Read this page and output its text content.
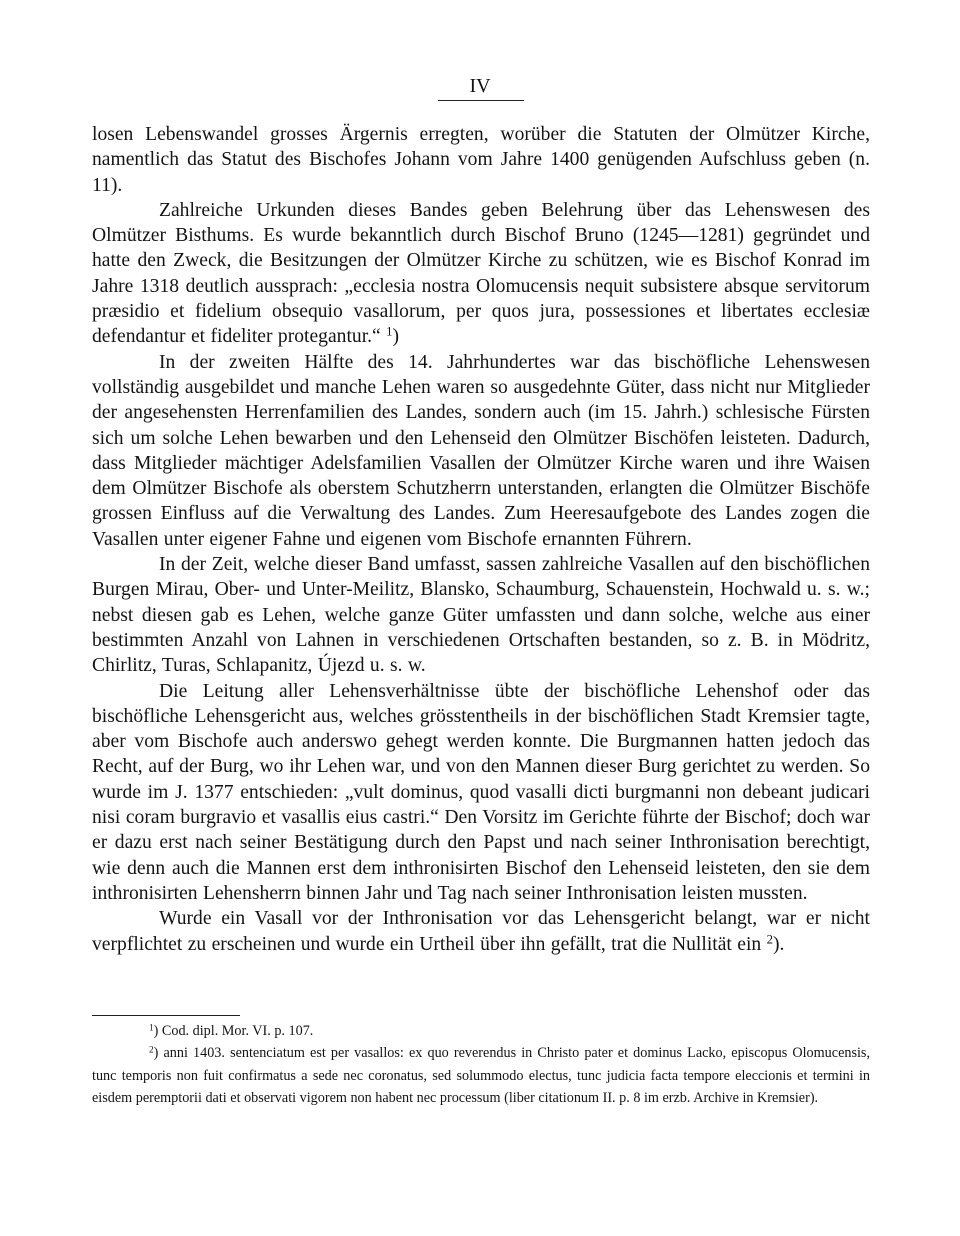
IV

losen Lebenswandel grosses Ärgernis erregten, worüber die Statuten der Olmützer Kirche, namentlich das Statut des Bischofes Johann vom Jahre 1400 genügenden Aufschluss geben (n. 11).

Zahlreiche Urkunden dieses Bandes geben Belehrung über das Lehenswesen des Olmützer Bisthums. Es wurde bekanntlich durch Bischof Bruno (1245—1281) gegründet und hatte den Zweck, die Besitzungen der Olmützer Kirche zu schützen, wie es Bischof Konrad im Jahre 1318 deutlich aussprach: „ecclesia nostra Olomucensis nequit subsistere absque servitorum præsidio et fidelium obsequio vasallorum, per quos jura, possessiones et libertates ecclesiæ defendantur et fideliter protegantur.“ $^1$)

In der zweiten Hälfte des 14. Jahrhundertes war das bischöfliche Lehenswesen vollständig ausgebildet und manche Lehen waren so ausgedehnte Güter, dass nicht nur Mitglieder der angesehensten Herrenfamilien des Landes, sondern auch (im 15. Jahrh.) schlesische Fürsten sich um solche Lehen bewarben und den Lehenseid den Olmützer Bischöfen leisteten. Dadurch, dass Mitglieder mächtiger Adelsfamilien Vasallen der Olmützer Kirche waren und ihre Waisen dem Olmützer Bischofe als oberstem Schutzherrn unterstanden, erlangten die Olmützer Bischöfe grossen Einfluss auf die Verwaltung des Landes. Zum Heeresaufgebote des Landes zogen die Vasallen unter eigener Fahne und eigenen vom Bischofe ernannten Führern.

In der Zeit, welche dieser Band umfasst, sassen zahlreiche Vasallen auf den bischöflichen Burgen Mirau, Ober- und Unter-Meilitz, Blansko, Schaumburg, Schauenstein, Hochwald u. s. w.; nebst diesen gab es Lehen, welche ganze Güter umfassten und dann solche, welche aus einer bestimmten Anzahl von Lahnen in verschiedenen Ortschaften bestanden, so z. B. in Mödritz, Chirlitz, Turas, Schlapanitz, Újezd u. s. w.

Die Leitung aller Lehensverhältnisse übte der bischöfliche Lehenshof oder das bischöfliche Lehensgericht aus, welches grösstentheils in der bischöflichen Stadt Kremsier tagte, aber vom Bischofe auch anderswo gehegt werden konnte. Die Burgmannen hatten jedoch das Recht, auf der Burg, wo ihr Lehen war, und von den Mannen dieser Burg gerichtet zu werden. So wurde im J. 1377 entschieden: „vult dominus, quod vasalli dicti burgmanni non debeant judicari nisi coram burgravio et vasallis eius castri.“ Den Vorsitz im Gerichte führte der Bischof; doch war er dazu erst nach seiner Bestätigung durch den Papst und nach seiner Inthronisation berechtigt, wie denn auch die Mannen erst dem inthronisirten Bischof den Lehenseid leisteten, den sie dem inthronisirten Lehensherrn binnen Jahr und Tag nach seiner Inthronisation leisten mussten.

Wurde ein Vasall vor der Inthronisation vor das Lehensgericht belangt, war er nicht verpflichtet zu erscheinen und wurde ein Urtheil über ihn gefällt, trat die Nullität ein $^2$).

$^1$) Cod. dipl. Mor. VI. p. 107.

$^2$) anni 1403. sentenciatum est per vasallos: ex quo reverendus in Christo pater et dominus Lacko, episcopus Olomucensis, tunc temporis non fuit confirmatus a sede nec coronatus, sed solummodo electus, tunc judicia facta tempore eleccionis et termini in eisdem peremptorii dati et observati vigorem non habent nec processum (liber citationum II. p. 8 im erzb. Archive in Kremsier).
